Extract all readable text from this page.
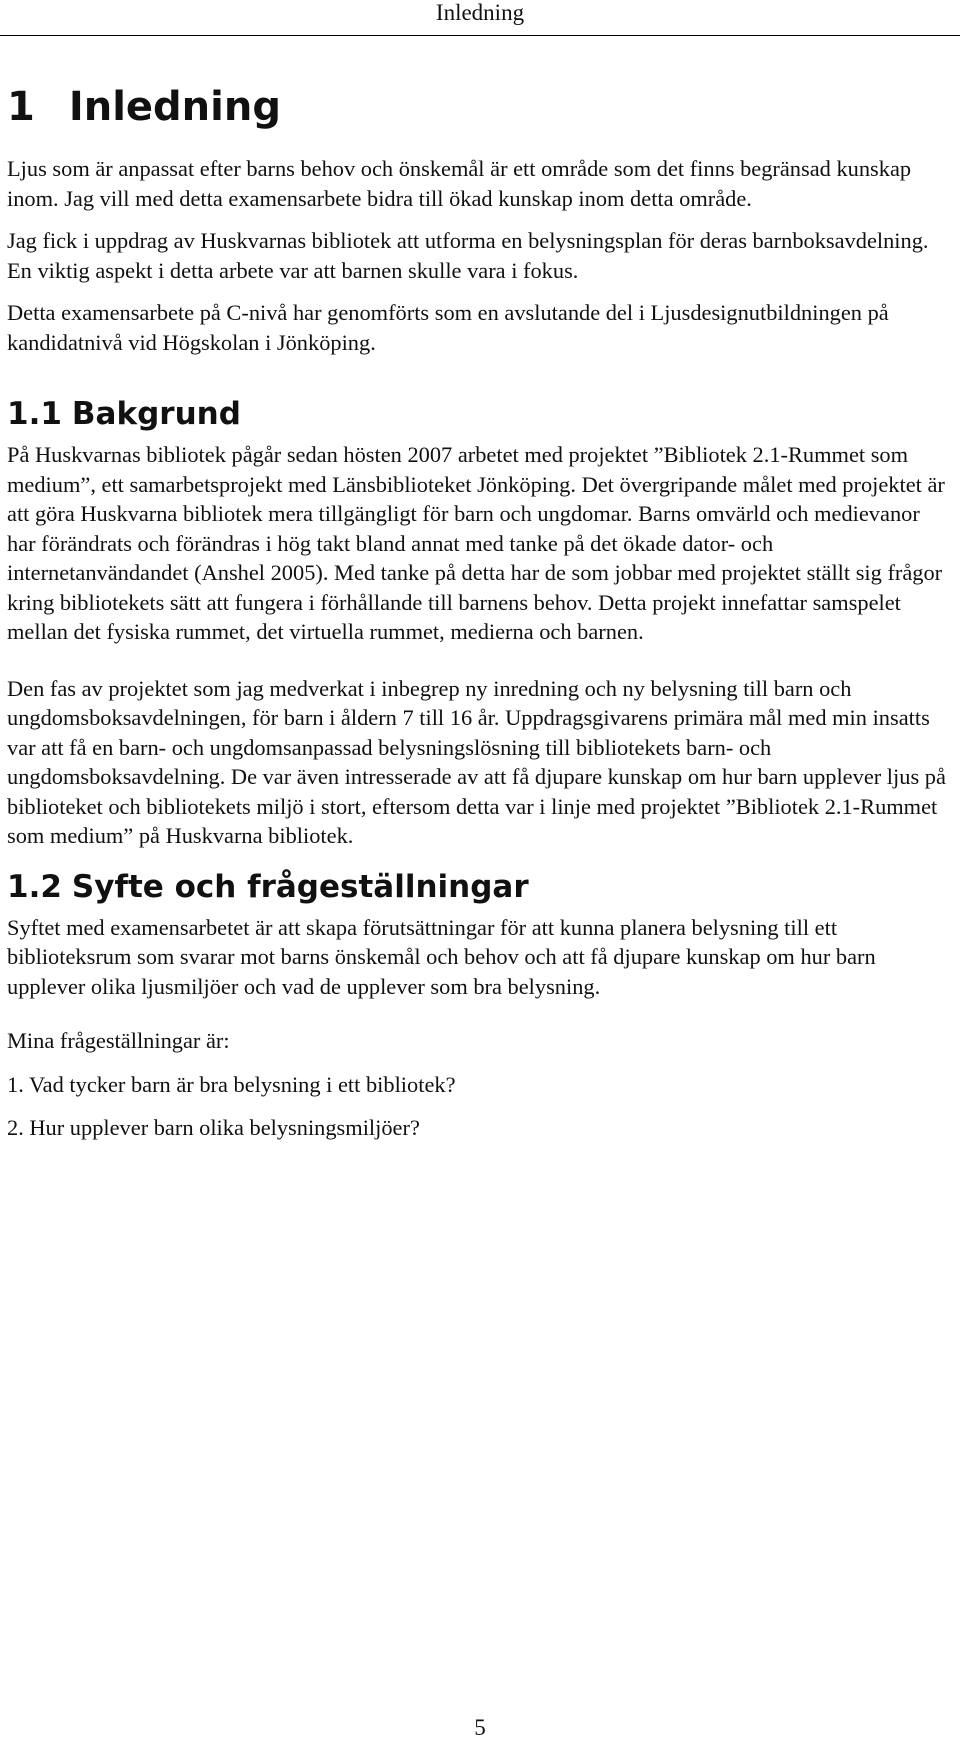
Inledning
1 Inledning

Ljus som är anpassat efter barns behov och önskemål är ett område som det finns begränsad kunskap inom. Jag vill med detta examensarbete bidra till ökad kunskap inom detta område.

Jag fick i uppdrag av Huskvarnas bibliotek att utforma en belysningsplan för deras barnboksavdelning. En viktig aspekt i detta arbete var att barnen skulle vara i fokus.

Detta examensarbete på C-nivå har genomförts som en avslutande del i Ljusdesignutbildningen på kandidatnivå vid Högskolan i Jönköping.

1.1 Bakgrund

På Huskvarnas bibliotek pågår sedan hösten 2007 arbetet med projektet ”Bibliotek 2.1-Rummet som medium”, ett samarbetsprojekt med Länsbiblioteket Jönköping. Det övergripande målet med projektet är att göra Huskvarna bibliotek mera tillgängligt för barn och ungdomar. Barns omvärld och medievanor har förändrats och förändras i hög takt bland annat med tanke på det ökade dator- och internetanvändandet (Anshel 2005). Med tanke på detta har de som jobbar med projektet ställt sig frågor kring bibliotekets sätt att fungera i förhållande till barnens behov. Detta projekt innefattar samspelet mellan det fysiska rummet, det virtuella rummet, medierna och barnen.

Den fas av projektet som jag medverkat i inbegrep ny inredning och ny belysning till barn och ungdomsboksavdelningen, för barn i åldern 7 till 16 år. Uppdragsgivarens primära mål med min insatts var att få en barn- och ungdomsanpassad belysningslösning till bibliotekets barn- och ungdomsboksavdelning. De var även intresserade av att få djupare kunskap om hur barn upplever ljus på biblioteket och bibliotekets miljö i stort, eftersom detta var i linje med projektet ”Bibliotek 2.1-Rummet som medium” på Huskvarna bibliotek.

1.2 Syfte och frågeställningar

Syftet med examensarbetet är att skapa förutsättningar för att kunna planera belysning till ett biblioteksrum som svarar mot barns önskemål och behov och att få djupare kunskap om hur barn upplever olika ljusmiljöer och vad de upplever som bra belysning.

Mina frågeställningar är:

1. Vad tycker barn är bra belysning i ett bibliotek?

2. Hur upplever barn olika belysningsmiljöer?

5
